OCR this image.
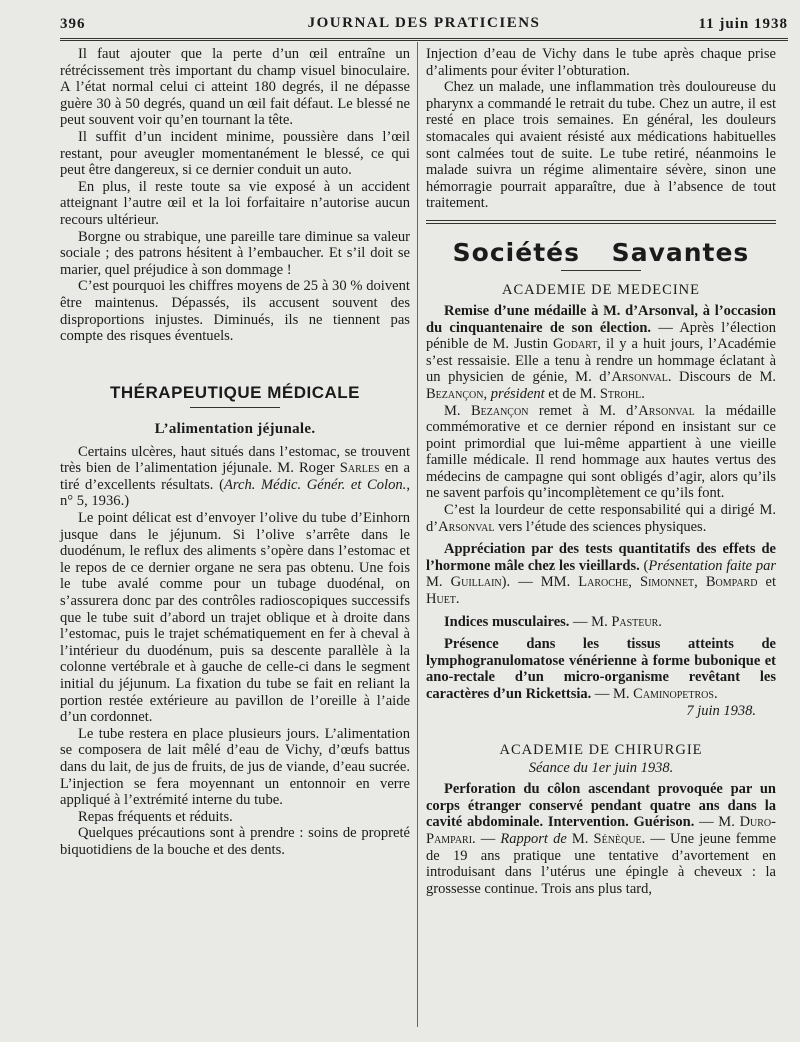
396	JOURNAL DES PRATICIENS	11 juin 1938

Il faut ajouter que la perte d’un œil entraîne un rétrécissement très important du champ visuel binoculaire. A l’état normal celui ci atteint 180 degrés, il ne dépasse guère 30 à 50 degrés, quand un œil fait défaut. Le blessé ne peut souvent voir qu’en tournant la tête.

Il suffit d’un incident minime, poussière dans l’œil restant, pour aveugler momentanément le blessé, ce qui peut être dangereux, si ce dernier conduit un auto.

En plus, il reste toute sa vie exposé à un accident atteignant l’autre œil et la loi forfaitaire n’autorise aucun recours ultérieur.

Borgne ou strabique, une pareille tare diminue sa valeur sociale ; des patrons hésitent à l’embaucher. Et s’il doit se marier, quel préjudice à son dommage !

C’est pourquoi les chiffres moyens de 25 à 30 % doivent être maintenus. Dépassés, ils accusent souvent des disproportions injustes. Diminués, ils ne tiennent pas compte des risques éventuels.

THÉRAPEUTIQUE MÉDICALE
L’alimentation jéjunale.

Certains ulcères, haut situés dans l’estomac, se trouvent très bien de l’alimentation jéjunale. M. Roger Sarles en a tiré d’excellents résultats. (Arch. Médic. Génér. et Colon., n° 5, 1936.)

Le point délicat est d’envoyer l’olive du tube d’Einhorn jusque dans le jéjunum. Si l’olive s’arrête dans le duodénum, le reflux des aliments s’opère dans l’estomac et le repos de ce dernier organe ne sera pas obtenu. Une fois le tube avalé comme pour un tubage duodénal, on s’assurera donc par des contrôles radioscopiques successifs que le tube suit d’abord un trajet oblique et à droite dans l’estomac, puis le trajet schématiquement en fer à cheval à l’intérieur du duodénum, puis sa descente parallèle à la colonne vertébrale et à gauche de celle-ci dans le segment initial du jéjunum. La fixation du tube se fait en reliant la portion restée extérieure au pavillon de l’oreille à l’aide d’un cordonnet.

Le tube restera en place plusieurs jours. L’alimentation se composera de lait mêlé d’eau de Vichy, d’œufs battus dans du lait, de jus de fruits, de jus de viande, d’eau sucrée. L’injection se fera moyennant un entonnoir en verre appliqué à l’extrémité interne du tube.

Repas fréquents et réduits.

Quelques précautions sont à prendre : soins de propreté biquotidiens de la bouche et des dents.

Injection d’eau de Vichy dans le tube après chaque prise d’aliments pour éviter l’obturation.

Chez un malade, une inflammation très douloureuse du pharynx a commandé le retrait du tube. Chez un autre, il est resté en place trois semaines. En général, les douleurs stomacales qui avaient résisté aux médications habituelles sont calmées tout de suite. Le tube retiré, néanmoins le malade suivra un régime alimentaire sévère, sinon une hémorragie pourrait apparaître, due à l’absence de tout traitement.

Sociétés Savantes
ACADEMIE DE MEDECINE

Remise d’une médaille à M. d’Arsonval, à l’occasion du cinquantenaire de son élection. — Après l’élection pénible de M. Justin Godart, il y a huit jours, l’Académie s’est ressaisie. Elle a tenu à rendre un hommage éclatant à un physicien de génie, M. d’Arsonval. Discours de M. Bezançon, président et de M. Strohl.

M. Bezançon remet à M. d’Arsonval la médaille commémorative et ce dernier répond en insistant sur ce point primordial que lui-même appartient à une vieille famille médicale. Il rend hommage aux hautes vertus des médecins de campagne qui sont obligés d’agir, alors qu’ils ne savent parfois qu’incomplètement ce qu’ils font.

C’est la lourdeur de cette responsabilité qui a dirigé M. d’Arsonval vers l’étude des sciences physiques.

Appréciation par des tests quantitatifs des effets de l’hormone mâle chez les vieillards. (Présentation faite par M. Guillain). — MM. Laroche, Simonnet, Bompard et Huet.

Indices musculaires. — M. Pasteur.

Présence dans les tissus atteints de lymphogranulomatose vénérienne à forme bubonique et ano-rectale d’un micro-organisme revêtant les caractères d’un Rickettsia. — M. Caminopetros.

7 juin 1938.

ACADEMIE DE CHIRURGIE
Séance du 1er juin 1938.

Perforation du côlon ascendant provoquée par un corps étranger conservé pendant quatre ans dans la cavité abdominale. Intervention. Guérison. — M. Duro-Pampari. — Rapport de M. Sénèque. — Une jeune femme de 19 ans pratique une tentative d’avortement en introduisant dans l’utérus une épingle à cheveux : la grossesse continue. Trois ans plus tard,
